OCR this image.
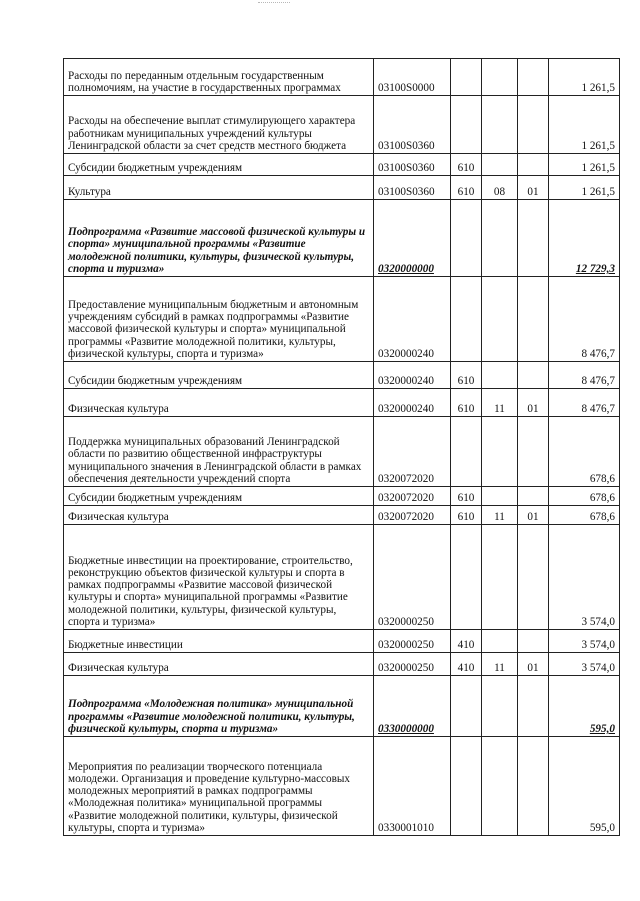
Расходы по переданным отдельным государственным полномочиям, на участие в государственных программах	03100S0000				1 261,5
Расходы на обеспечение выплат стимулирующего характера работникам муниципальных учреждений культуры Ленинградской области за счет средств местного бюджета	03100S0360				1 261,5
Субсидии бюджетным учреждениям	03100S0360	610			1 261,5
Культура	03100S0360	610	08	01	1 261,5
Подпрограмма «Развитие массовой физической культуры и спорта» муниципальной программы «Развитие молодежной политики, культуры, физической культуры, спорта и туризма»	0320000000				12 729,3
Предоставление муниципальным бюджетным и автономным учреждениям субсидий в рамках подпрограммы «Развитие массовой физической культуры и спорта» муниципальной программы «Развитие молодежной политики, культуры, физической культуры, спорта и туризма»	0320000240				8 476,7
Субсидии бюджетным учреждениям	0320000240	610			8 476,7
Физическая культура	0320000240	610	11	01	8 476,7
Поддержка муниципальных образований Ленинградской области по развитию общественной инфраструктуры муниципального значения в Ленинградской области в рамках обеспечения деятельности учреждений спорта	0320072020				678,6
Субсидии бюджетным учреждениям	0320072020	610			678,6
Физическая культура	0320072020	610	11	01	678,6
Бюджетные инвестиции на проектирование, строительство, реконструкцию объектов физической культуры и спорта в рамках подпрограммы «Развитие массовой физической культуры и спорта» муниципальной программы «Развитие молодежной политики, культуры, физической культуры, спорта и туризма»	0320000250				3 574,0
Бюджетные инвестиции	0320000250	410			3 574,0
Физическая культура	0320000250	410	11	01	3 574,0
Подпрограмма «Молодежная политика» муниципальной программы «Развитие молодежной политики, культуры, физической культуры, спорта и туризма»	0330000000				595,0
Мероприятия по реализации творческого потенциала молодежи. Организация и проведение культурно-массовых молодежных мероприятий в рамках подпрограммы «Молодежная политика» муниципальной программы «Развитие молодежной политики, культуры, физической культуры, спорта и туризма»	0330001010				595,0
